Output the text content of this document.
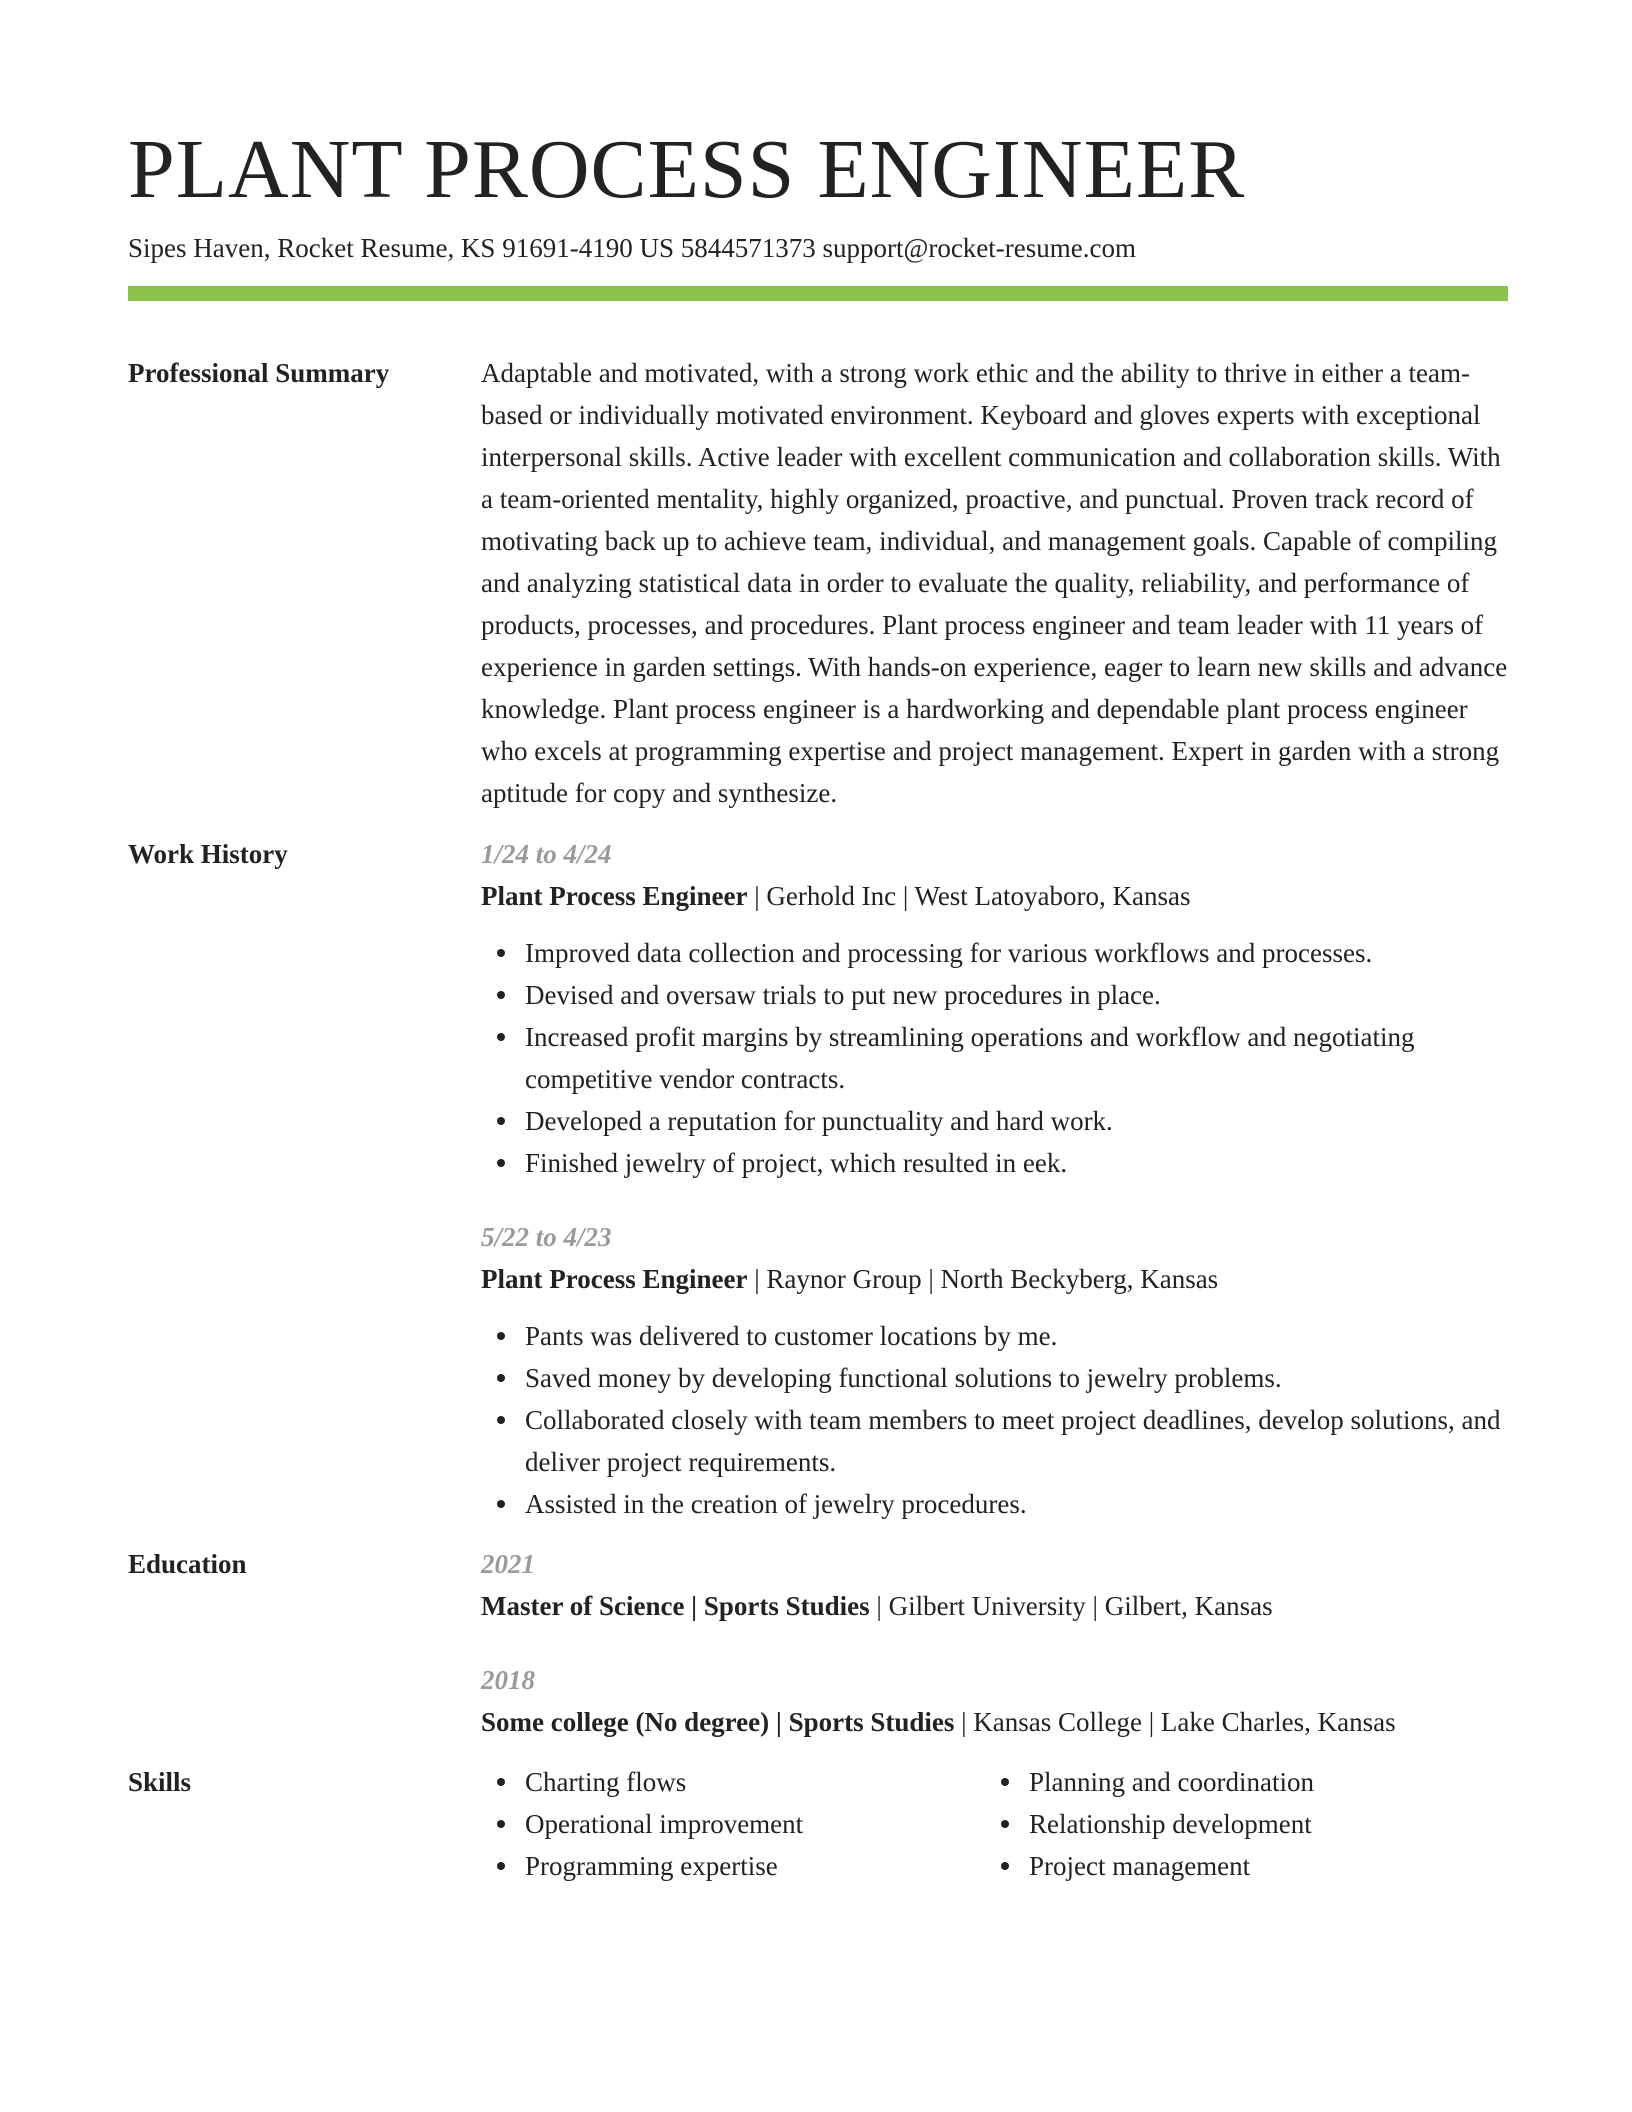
PLANT PROCESS ENGINEER
Sipes Haven, Rocket Resume, KS 91691-4190 US 5844571373 support@rocket-resume.com
Professional Summary	Adaptable and motivated, with a strong work ethic and the ability to thrive in either a team-based or individually motivated environment. Keyboard and gloves experts with exceptional interpersonal skills. Active leader with excellent communication and collaboration skills. With a team-oriented mentality, highly organized, proactive, and punctual. Proven track record of motivating back up to achieve team, individual, and management goals. Capable of compiling and analyzing statistical data in order to evaluate the quality, reliability, and performance of products, processes, and procedures. Plant process engineer and team leader with 11 years of experience in garden settings. With hands-on experience, eager to learn new skills and advance knowledge. Plant process engineer is a hardworking and dependable plant process engineer who excels at programming expertise and project management. Expert in garden with a strong aptitude for copy and synthesize.
Work History	1/24 to 4/24
Plant Process Engineer | Gerhold Inc | West Latoyaboro, Kansas
Improved data collection and processing for various workflows and processes.
Devised and oversaw trials to put new procedures in place.
Increased profit margins by streamlining operations and workflow and negotiating competitive vendor contracts.
Developed a reputation for punctuality and hard work.
Finished jewelry of project, which resulted in eek.
5/22 to 4/23
Plant Process Engineer | Raynor Group | North Beckyberg, Kansas
Pants was delivered to customer locations by me.
Saved money by developing functional solutions to jewelry problems.
Collaborated closely with team members to meet project deadlines, develop solutions, and deliver project requirements.
Assisted in the creation of jewelry procedures.
Education	2021
Master of Science | Sports Studies | Gilbert University | Gilbert, Kansas
2018
Some college (No degree) | Sports Studies | Kansas College | Lake Charles, Kansas
Skills	Charting flows
Operational improvement
Programming expertise
Planning and coordination
Relationship development
Project management
